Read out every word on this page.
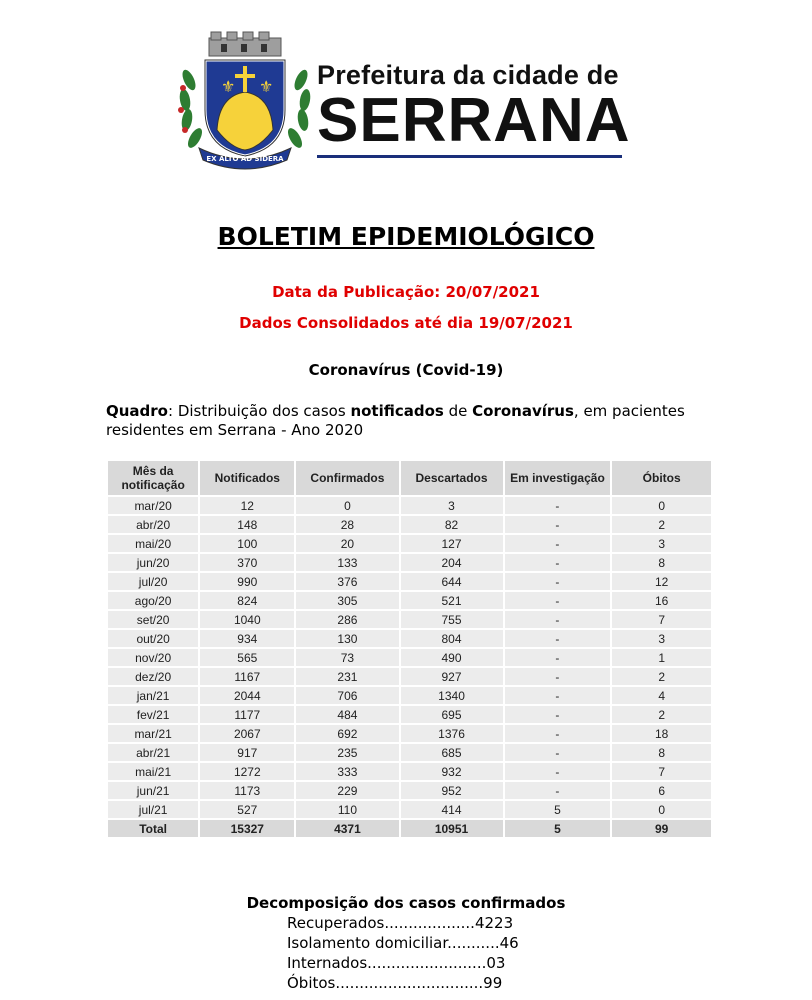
⚜ ⚜
EX ALTO AD SIDERA
Prefeitura da cidade de
SERRANA
BOLETIM EPIDEMIOLÓGICO
Data da Publicação: 20/07/2021
Dados Consolidados até dia 19/07/2021
Coronavírus (Covid-19)
Quadro: Distribuição dos casos notificados de Coronavírus, em pacientes residentes em Serrana - Ano 2020
Mês da notificação	Notificados	Confirmados	Descartados	Em investigação	Óbitos
mar/20	12	0	3	-	0
abr/20	148	28	82	-	2
mai/20	100	20	127	-	3
jun/20	370	133	204	-	8
jul/20	990	376	644	-	12
ago/20	824	305	521	-	16
set/20	1040	286	755	-	7
out/20	934	130	804	-	3
nov/20	565	73	490	-	1
dez/20	1167	231	927	-	2
jan/21	2044	706	1340	-	4
fev/21	1177	484	695	-	2
mar/21	2067	692	1376	-	18
abr/21	917	235	685	-	8
mai/21	1272	333	932	-	7
jun/21	1173	229	952	-	6
jul/21	527	110	414	5	0
Total	15327	4371	10951	5	99
Decomposição dos casos confirmados
Recuperados...................4223
Isolamento domiciliar...........46
Internados.........................03
Óbitos...............................99
